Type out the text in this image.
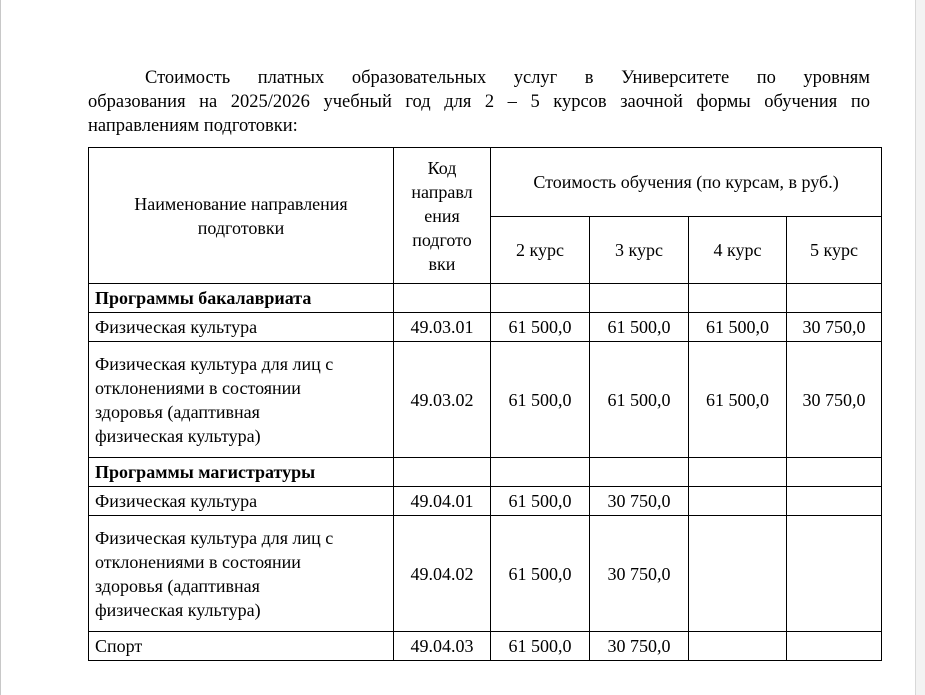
Стоимость платных образовательных услуг в Университете по уровням
образования на 2025/2026 учебный год для 2 – 5 курсов заочной формы обучения по
направлениям подготовки:
Наименование направления подготовки	Код
направл
ения
подгото
вки	Стоимость обучения (по курсам, в руб.)			
		2 курс	3 курс	4 курс	5 курс
Программы бакалавриата					
Физическая культура	49.03.01	61 500,0	61 500,0	61 500,0	30 750,0
Физическая культура для лиц с
отклонениями в состоянии
здоровья (адаптивная
физическая культура)	49.03.02	61 500,0	61 500,0	61 500,0	30 750,0
Программы магистратуры					
Физическая культура	49.04.01	61 500,0	30 750,0		
Физическая культура для лиц с
отклонениями в состоянии
здоровья (адаптивная
физическая культура)	49.04.02	61 500,0	30 750,0		
Спорт	49.04.03	61 500,0	30 750,0		
